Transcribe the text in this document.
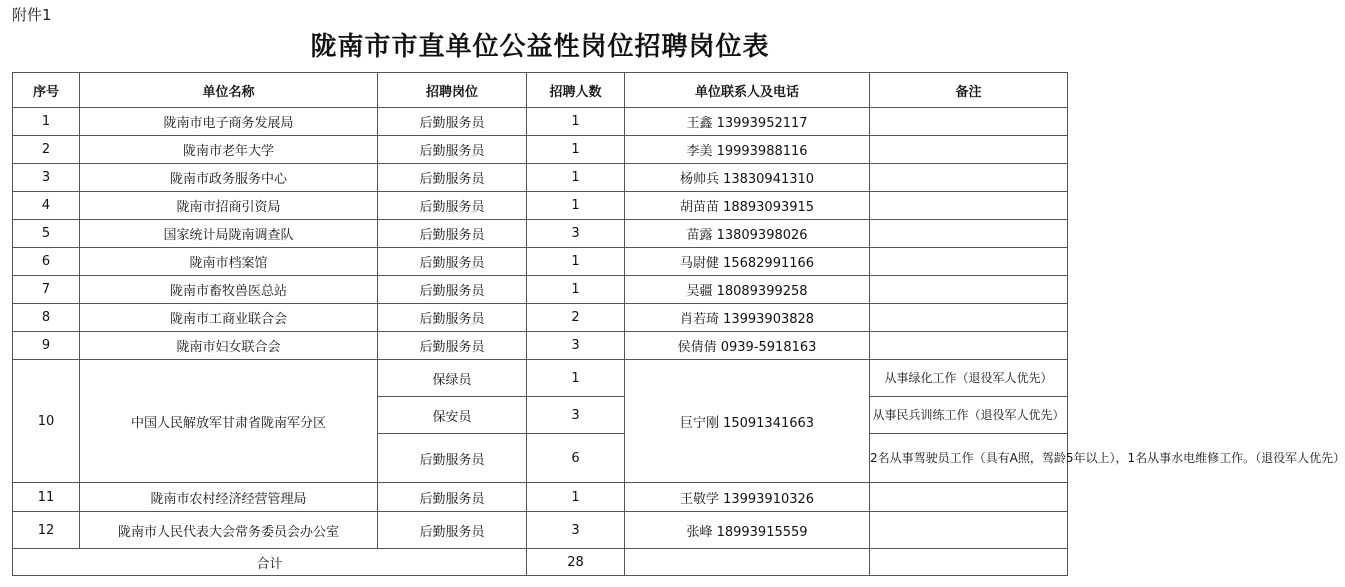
附件1
陇南市市直单位公益性岗位招聘岗位表
序号	单位名称	招聘岗位	招聘人数	单位联系人及电话	备注
1	陇南市电子商务发展局	后勤服务员	1	王鑫 13993952117	
2	陇南市老年大学	后勤服务员	1	李美 19993988116	
3	陇南市政务服务中心	后勤服务员	1	杨帅兵 13830941310	
4	陇南市招商引资局	后勤服务员	1	胡苗苗 18893093915	
5	国家统计局陇南调查队	后勤服务员	3	苗露 13809398026	
6	陇南市档案馆	后勤服务员	1	马尉健 15682991166	
7	陇南市畜牧兽医总站	后勤服务员	1	吴疆 18089399258	
8	陇南市工商业联合会	后勤服务员	2	肖若琦 13993903828	
9	陇南市妇女联合会	后勤服务员	3	侯倩倩 0939-5918163	
10	中国人民解放军甘肃省陇南军分区	保绿员	1	巨宁刚 15091341663	从事绿化工作（退役军人优先）
		保安员	3		从事民兵训练工作（退役军人优先）
		后勤服务员	6		2名从事驾驶员工作（具有A照，驾龄5年以上），1名从事水电维修工作。（退役军人优先）
11	陇南市农村经济经营管理局	后勤服务员	1	王敬学 13993910326	
12	陇南市人民代表大会常务委员会办公室	后勤服务员	3	张峰 18993915559	
合计			28		
